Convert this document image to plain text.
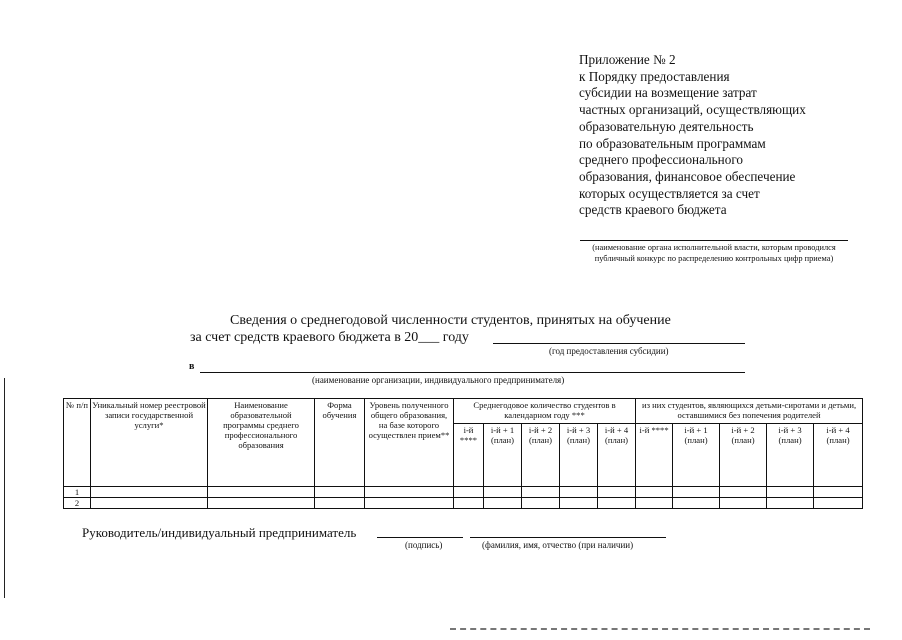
Приложение № 2
к Порядку предоставления
субсидии на возмещение затрат
частных организаций, осуществляющих
образовательную деятельность
по образовательным программам
среднего профессионального
образования, финансовое обеспечение
которых осуществляется за счет
средств краевого бюджета
(наименование органа исполнительной власти, которым проводился публичный конкурс по распределению контрольных цифр приема)
Сведения о среднегодовой численности студентов, принятых на обучение
за счет средств краевого бюджета в 20___ году
(год предоставления субсидии)
в
(наименование организации, индивидуального предпринимателя)
№ п/п	Уникальный номер реестровой записи государственной услуги*	Наименование образовательной программы среднего профессионального образования	Форма обучения	Уровень полученного общего образования, на базе которого осуществлен прием**	Среднегодовое количество студентов в календарном году ***					из них студентов, являющихся детьми-сиротами и детьми, оставшимися без попечения родителей				
					i-й ****	i-й + 1 (план)	i-й + 2 (план)	i-й + 3 (план)	i-й + 4 (план)	i-й ****	i-й + 1 (план)	i-й + 2 (план)	i-й + 3 (план)	i-й + 4 (план)
1														
2														
Руководитель/индивидуальный предприниматель
(подпись)	(фамилия, имя, отчество (при наличии)
